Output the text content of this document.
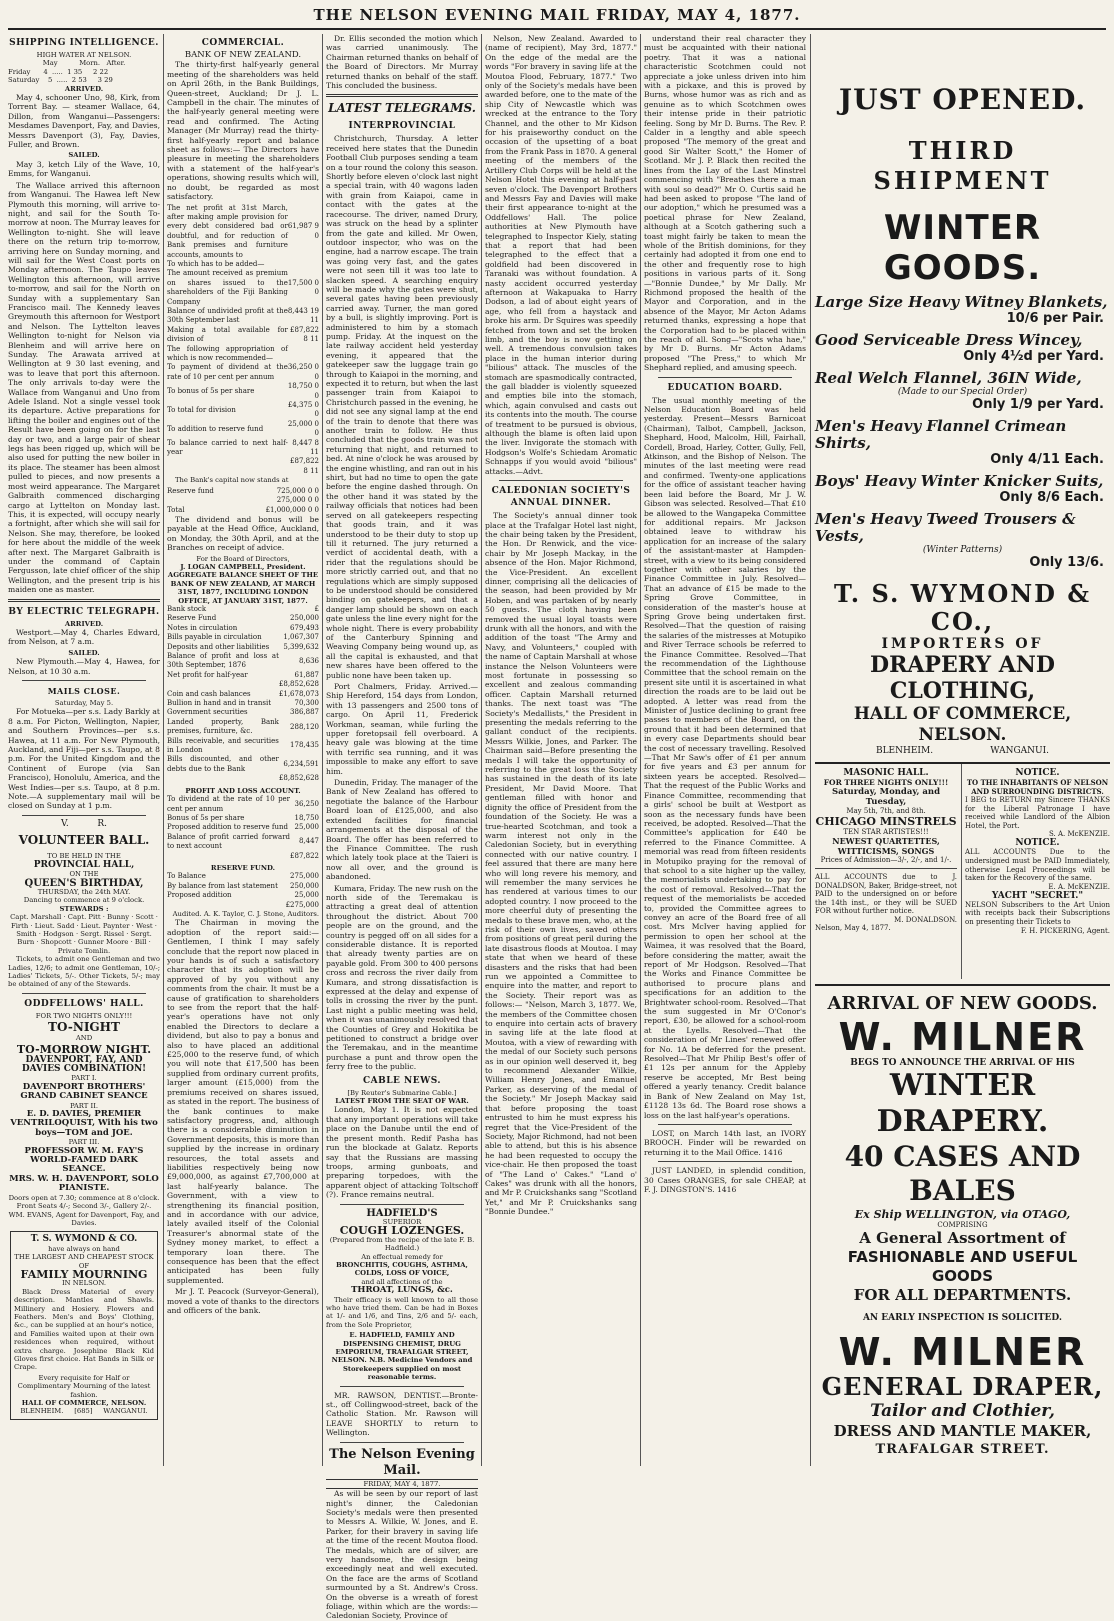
THE NELSON EVENING MAIL FRIDAY, MAY 4, 1877.
SHIPPING INTELLIGENCE.
HIGH WATER AT NELSON.
May          Morn.   After.
Friday      4  .....  1 35     2 22
Saturday    5  .....  2 53     3 29
ARRIVED.
May 4, schooner Uno, 98, Kirk, from Torrent Bay. — steamer Wallace, 64, Dillon, from Wanganui—Passengers: Mesdames Davenport, Fay, and Davies, Messrs Davenport (3), Fay, Davies, Fuller, and Brown.
SAILED.
May 3, ketch Lily of the Wave, 10, Emms, for Wanganui.
The Wallace arrived this afternoon from Wanganui. The Hawea left New Plymouth this morning, will arrive to-night, and sail for the South To-morrow at noon. The Murray leaves for Wellington to-night. She will leave there on the return trip to-morrow, arriving here on Sunday morning, and will sail for the West Coast ports on Monday afternoon. The Taupo leaves Wellington this afternoon, will arrive to-morrow, and sail for the North on Sunday with a supplementary San Francisco mail. The Kennedy leaves Greymouth this afternoon for Westport and Nelson. The Lyttelton leaves Wellington to-night for Nelson via Blenheim and will arrive here on Sunday. The Arawata arrived at Wellington at 9 30 last evening, and was to leave that port this afternoon. The only arrivals to-day were the Wallace from Wanganui and Uno from Adele Island. Not a single vessel took its departure. Active preparations for lifting the boiler and engines out of the Result have been going on for the last day or two, and a large pair of shear legs has been rigged up, which will be also used for putting the new boiler in its place. The steamer has been almost pulled to pieces, and now presents a most weird appearance. The Margaret Galbraith commenced discharging cargo at Lyttelton on Monday last. This, it is expected, will occupy nearly a fortnight, after which she will sail for Nelson. She may, therefore, be looked for here about the middle of the week after next. The Margaret Galbraith is under the command of Captain Fergusson, late chief officer of the ship Wellington, and the present trip is his maiden one as master.
BY ELECTRIC TELEGRAPH.
ARRIVED.
Westport.—May 4, Charles Edward, from Nelson, at 7 a.m.
SAILED.
New Plymouth.—May 4, Hawea, for Nelson, at 10 30 a.m.
MAILS CLOSE.
Saturday, May 5.
For Motueka—per s.s. Lady Barkly at 8 a.m. For Picton, Wellington, Napier, and Southern Provinces—per s.s. Hawea, at 11 a.m. For New Plymouth, Auckland, and Fiji—per s.s. Taupo, at 8 p.m. For the United Kingdom and the Continent of Europe (via San Francisco), Honolulu, America, and the West Indies—per s.s. Taupo, at 8 p.m. Note.—A supplementary mail will be closed on Sunday at 1 p.m.
V.          R.
VOLUNTEER BALL.
TO BE HELD IN THE
PROVINCIAL HALL,
ON THE
QUEEN'S BIRTHDAY,
THURSDAY, the 24th MAY.
Dancing to commence at 9 o'clock.
STEWARDS :
Capt. Marshall · Capt. Pitt · Bunny · Scott · Firth · Lieut. Sadd · Lieut. Paynter · West · Smith · Hodgson · Sergt. Rissel · Sergt. Burn · Shopcott · Gunner Moore · Bill · Private Tomlin.
Tickets, to admit one Gentleman and two Ladies, 12/6; to admit one Gentleman, 10/-; Ladies' Tickets, 5/-. Other Tickets, 5/-; may be obtained of any of the Stewards.
ODDFELLOWS' HALL.
FOR TWO NIGHTS ONLY!!!
TO-NIGHT
AND
TO-MORROW NIGHT.
DAVENPORT, FAY, AND DAVIES COMBINATION!
PART I.
DAVENPORT BROTHERS' GRAND CABINET SEANCE
PART II.
E. D. DAVIES, PREMIER VENTRILOQUIST, With his two boys—TOM and JOE.
PART III.
PROFESSOR W. M. FAY'S WORLD-FAMED DARK SEANCE.
MRS. W. H. DAVENPORT, SOLO PIANISTE.
Doors open at 7.30; commence at 8 o'clock. Front Seats 4/-; Second 3/-, Gallery 2/-.
WM. EVANS, Agent for Davenport, Fay, and Davies.
T. S. WYMOND & CO.
have always on hand
THE LARGEST AND CHEAPEST STOCK OF
FAMILY MOURNING
IN NELSON.
Black Dress Material of every description. Mantles and Shawls. Millinery and Hosiery. Flowers and Feathers. Men's and Boys' Clothing, &c., can be supplied at an hour's notice, and Families waited upon at their own residences when required, without extra charge. Josephine Black Kid Gloves first choice. Hat Bands in Silk or Crape.
Every requisite for Half or Complimentary Mourning of the latest fashion.
HALL OF COMMERCE, NELSON.
BLENHEIM.     [685]     WANGANUI.
COMMERCIAL.
BANK OF NEW ZEALAND.
The thirty-first half-yearly general meeting of the shareholders was held on April 26th, in the Bank Buildings, Queen-street, Auckland; Dr J. L. Campbell in the chair. The minutes of the half-yearly general meeting were read and confirmed. The Acting Manager (Mr Murray) read the thirty-first half-yearly report and balance sheet as follows:— The Directors have pleasure in meeting the shareholders with a statement of the half-year's operations, showing results which will, no doubt, be regarded as most satisfactory.
The net profit at 31st March, after making ample provision for every debt considered bad or doubtful, and for reduction of Bank premises and furniture accounts, amounts to	61,987 9 0
To which has to be added—	
The amount received as premium on shares issued to the shareholders of the Fiji Banking Company	17,500 0 0
Balance of undivided profit at the 30th September last	8,443 19 11
Making a total available for division of	£87,822 8 11
The following appropriation of which is now recommended—	
To payment of dividend at the rate of 10 per cent per annum	36,250 0 0
To bonus of 5s per share	18,750 0 0
To total for division	£4,375 0 0
To addition to reserve fund	25,000 0 0
To balance carried to next half-year	8,447 8 11
	£87,822 8 11
The Bank's capital now stands at
Reserve fund	725,000 0 0
	275,000 0 0
Total	£1,000,000 0 0
The dividend and bonus will be payable at the Head Office, Auckland, on Monday, the 30th April, and at the Branches on receipt of advice.
For the Board of Directors,
J. LOGAN CAMPBELL, President.
AGGREGATE BALANCE SHEET OF THE BANK OF NEW ZEALAND, AT MARCH 31ST, 1877, INCLUDING LONDON OFFICE, AT JANUARY 31ST, 1877.
Bank stock	£
Reserve Fund	250,000
Notes in circulation	679,493
Bills payable in circulation	1,067,307
Deposits and other liabilities	5,399,632
Balance of profit and loss at 30th September, 1876	8,636
Net profit for half-year	61,887
	£8,852,628
Coin and cash balances	£1,678,073
Bullion in hand and in transit	70,300
Government securities	386,887
Landed property, Bank premises, furniture, &c.	288,120
Bills receivable, and securities in London	178,435
Bills discounted, and other debts due to the Bank	6,234,591
	£8,852,628
PROFIT AND LOSS ACCOUNT.
To dividend at the rate of 10 per cent per annum	36,250
Bonus of 5s per share	18,750
Proposed addition to reserve fund	25,000
Balance of profit carried forward to next account	8,447
	£87,822
RESERVE FUND.
To Balance	275,000
By balance from last statement	250,000
Proposed addition	25,000
	£275,000
Audited. A. K. Taylor, C. J. Stone, Auditors.
The Chairman in moving the adoption of the report said:—Gentlemen, I think I may safely conclude that the report now placed in your hands is of such a satisfactory character that its adoption will be approved of by you without any comments from the chair. It must be a cause of gratification to shareholders to see from the report that the half-year's operations have not only enabled the Directors to declare a dividend, but also to pay a bonus and also to have placed an additional £25,000 to the reserve fund, of which you will note that £17,500 has been supplied from ordinary current profits, larger amount (£15,000) from the premiums received on shares issued, as stated in the report. The business of the bank continues to make satisfactory progress, and, although there is a considerable diminution in Government deposits, this is more than supplied by the increase in ordinary resources, the total assets and liabilities respectively being now £9,000,000, as against £7,700,000 at last half-yearly balance. The Government, with a view to strengthening its financial position, and in accordance with our advice, lately availed itself of the Colonial Treasurer's abnormal state of the Sydney money market, to effect a temporary loan there. The consequence has been that the effect anticipated has been fully supplemented.
Mr J. T. Peacock (Surveyor-General), moved a vote of thanks to the directors and officers of the bank.
Dr. Ellis seconded the motion which was carried unanimously. The Chairman returned thanks on behalf of the Board of Directors. Mr Murray returned thanks on behalf of the staff. This concluded the business.
LATEST TELEGRAMS.
INTERPROVINCIAL
Christchurch, Thursday. A letter received here states that the Dunedin Football Club purposes sending a team on a tour round the colony this season. Shortly before eleven o'clock last night a special train, with 40 wagons laden with grain from Kaiapoi, came in contact with the gates at the racecourse. The driver, named Drury, was struck on the head by a splinter from the gate and killed. Mr Owen, outdoor inspector, who was on the engine, had a narrow escape. The train was going very fast, and the gates were not seen till it was too late to slacken speed. A searching enquiry will be made why the gates were shut, several gates having been previously carried away. Turner, the man gored by a bull, is slightly improving. Port is administered to him by a stomach pump. Friday. At the inquest on the late railway accident held yesterday evening, it appeared that the gatekeeper saw the luggage train go through to Kaiapoi in the morning, and expected it to return, but when the last passenger train from Kaiapoi to Christchurch passed in the evening, he did not see any signal lamp at the end of the train to denote that there was another train to follow. He thus concluded that the goods train was not returning that night, and returned to bed. At nine o'clock he was aroused by the engine whistling, and ran out in his shirt, but had no time to open the gate before the engine dashed through. On the other hand it was stated by the railway officials that notices had been served on all gatekeepers respecting that goods train, and it was understood to be their duty to stop up till it returned. The jury returned a verdict of accidental death, with a rider that the regulations should be more strictly carried out, and that no regulations which are simply supposed to be understood should be considered binding on gatekeepers, and that a danger lamp should be shown on each gate unless the line every night for the whole night. There is every probability of the Canterbury Spinning and Weaving Company being wound up, as all the capital is exhausted, and that new shares have been offered to the public none have been taken up.
Port Chalmers, Friday. Arrived.—Ship Hereford, 154 days from London, with 13 passengers and 2500 tons of cargo. On April 11, Frederick Workman, seaman, while furling the upper foretopsail fell overboard. A heavy gale was blowing at the time with terrific sea running, and it was impossible to make any effort to save him.
Dunedin, Friday. The manager of the Bank of New Zealand has offered to negotiate the balance of the Harbour Board loan of £125,000, and also extended facilities for financial arrangements at the disposal of the Board. The offer has been referred to the Finance Committee. The rush which lately took place at the Taieri is now all over, and the ground is abandoned.
Kumara, Friday. The new rush on the north side of the Teremakau is attracting a great deal of attention throughout the district. About 700 people are on the ground, and the country is pegged off on all sides for a considerable distance. It is reported that already twenty parties are on payable gold. From 300 to 400 persons cross and recross the river daily from Kumara, and strong dissatisfaction is expressed at the delay and expense of tolls in crossing the river by the punt. Last night a public meeting was held, when it was unanimously resolved that the Counties of Grey and Hokitika be petitioned to construct a bridge over the Teremakau, and in the meantime purchase a punt and throw open the ferry free to the public.
CABLE NEWS.
[By Reuter's Submarine Cable.]
LATEST FROM THE SEAT OF WAR.
London, May 1. It is not expected that any important operations will take place on the Danube until the end of the present month. Redif Pasha has run the blockade at Galatz. Reports say that the Russians are massing troops, arming gunboats, and preparing torpedoes, with the apparent object of attacking Toltschoff (?). France remains neutral.
HADFIELD'S
SUPERIOR
COUGH LOZENGES.
(Prepared from the recipe of the late F. B. Hadfield.)
An effectual remedy for
BRONCHITIS, COUGHS, ASTHMA, COLDS, LOSS OF VOICE,
and all affections of the
THROAT, LUNGS, &c.
Their efficacy is well known to all those who have tried them. Can be had in Boxes at 1/- and 1/6, and Tins, 2/6 and 5/- each, from the Sole Proprietor,
E. HADFIELD, FAMILY AND DISPENSING CHEMIST, DRUG EMPORIUM, TRAFALGAR STREET, NELSON. N.B. Medicine Vendors and Storekeepers supplied on most reasonable terms.
MR. RAWSON, DENTIST.—Bronte-st., off Collingwood-street, back of the Catholic Station. Mr. Rawson will LEAVE SHORTLY to return to Wellington.
The Nelson Evening Mail.
FRIDAY, MAY 4, 1877.
As will be seen by our report of last night's dinner, the Caledonian Society's medals were then presented to Messrs A. Wilkie, W. Jones, and E. Parker, for their bravery in saving life at the time of the recent Moutoa flood. The medals, which are of silver, are very handsome, the design being exceedingly neat and well executed. On the face are the arms of Scotland surmounted by a St. Andrew's Cross. On the obverse is a wreath of forest foliage, within which are the words:—Caledonian Society, Province of
Nelson, New Zealand. Awarded to (name of recipient), May 3rd, 1877." On the edge of the medal are the words "For bravery in saving life at the Moutoa Flood, February, 1877." Two only of the Society's medals have been awarded before, one to the mate of the ship City of Newcastle which was wrecked at the entrance to the Tory Channel, and the other to Mr Kidson for his praiseworthy conduct on the occasion of the upsetting of a boat from the Frank Pass in 1870. A general meeting of the members of the Artillery Club Corps will be held at the Nelson Hotel this evening at half-past seven o'clock. The Davenport Brothers and Messrs Fay and Davies will make their first appearance to-night at the Oddfellows' Hall. The police authorities at New Plymouth have telegraphed to Inspector Kiely, stating that a report that had been telegraphed to the effect that a goldfield had been discovered in Taranaki was without foundation. A nasty accident occurred yesterday afternoon at Wakapuaka to Harry Dodson, a lad of about eight years of age, who fell from a haystack and broke his arm. Dr Squires was speedily fetched from town and set the broken limb, and the boy is now getting on well. A tremendous convulsion takes place in the human interior during "bilious" attack. The muscles of the stomach are spasmodically contracted, the gall bladder is violently squeezed and empties bile into the stomach, which, again convulsed and casts out its contents into the mouth. The course of treatment to be pursued is obvious, although the blame is often laid upon the liver. Invigorate the stomach with Hodgson's Wolfe's Schiedam Aromatic Schnapps if you would avoid "bilious" attacks.—Advt.
CALEDONIAN SOCIETY'S ANNUAL DINNER.
The Society's annual dinner took place at the Trafalgar Hotel last night, the chair being taken by the President, the Hon. Dr Renwick, and the vice-chair by Mr Joseph Mackay, in the absence of the Hon. Major Richmond, the Vice-President. An excellent dinner, comprising all the delicacies of the season, had been provided by Mr Hoben, and was partaken of by nearly 50 guests. The cloth having been removed the usual loyal toasts were drunk with all the honors, and with the addition of the toast "The Army and Navy, and Volunteers," coupled with the name of Captain Marshall at whose instance the Nelson Volunteers were most fortunate in possessing so excellent and zealous commanding officer. Captain Marshall returned thanks. The next toast was "The Society's Medallists," the President in presenting the medals referring to the gallant conduct of the recipients. Messrs Wilkie, Jones, and Parker. The Chairman said—Before presenting the medals I will take the opportunity of referring to the great loss the Society has sustained in the death of its late President, Mr David Moore. That gentleman filled with honor and dignity the office of President from the foundation of the Society. He was a true-hearted Scotchman, and took a warm interest not only in the Caledonian Society, but in everything connected with our native country. I feel assured that there are many here who will long revere his memory, and will remember the many services he has rendered at various times to our adopted country. I now proceed to the more cheerful duty of presenting the medals to these brave men, who, at the risk of their own lives, saved others from positions of great peril during the late disastrous floods at Moutoa. I may state that when we heard of these disasters and the risks that had been run we appointed a Committee to enquire into the matter, and report to the Society. Their report was as follows:— "Nelson, March 3, 1877. We, the members of the Committee chosen to enquire into certain acts of bravery in saving life at the late flood at Moutoa, with a view of rewarding with the medal of our Society such persons as in our opinion well deserved it, beg to recommend Alexander Wilkie, William Henry Jones, and Emanuel Parker, as deserving of the medal of the Society." Mr Joseph Mackay said that before proposing the toast entrusted to him he must express his regret that the Vice-President of the Society, Major Richmond, had not been able to attend, but this is his absence he had been requested to occupy the vice-chair. He then proposed the toast of "The Land o' Cakes." "Land o' Cakes" was drunk with all the honors, and Mr P. Cruickshanks sang "Scotland Yet," and Mr P. Cruickshanks sang "Bonnie Dundee."
understand their real character they must be acquainted with their national poetry. That it was a national characteristic Scotchmen could not appreciate a joke unless driven into him with a pickaxe, and this is proved by Burns, whose humor was as rich and as genuine as to which Scotchmen owes their intense pride in their patriotic feeling. Song by Mr D. Burns. The Rev. P. Calder in a lengthy and able speech proposed "The memory of the great and good Sir Walter Scott," the Homer of Scotland. Mr J. P. Black then recited the lines from the Lay of the Last Minstrel commencing with "Breathes there a man with soul so dead?" Mr O. Curtis said he had been asked to propose "The land of our adoption," which he presumed was a poetical phrase for New Zealand, although at a Scotch gathering such a toast might fairly be taken to mean the whole of the British dominions, for they certainly had adopted it from one end to the other and frequently rose to high positions in various parts of it. Song—"Bonnie Dundee," by Mr Dally. Mr Richmond proposed the health of the Mayor and Corporation, and in the absence of the Mayor, Mr Acton Adams returned thanks, expressing a hope that the Corporation had to be placed within the reach of all. Song—"Scots wha hae," by Mr D. Burns. Mr Acton Adams proposed "The Press," to which Mr Shephard replied, and amusing speech.
EDUCATION BOARD.
The usual monthly meeting of the Nelson Education Board was held yesterday. Present—Messrs Barnicoat (Chairman), Talbot, Campbell, Jackson, Shephard, Hood, Malcolm, Hill, Fairhall, Cordell, Broad, Harley, Cotter, Gully, Fell, Atkinson, and the Bishop of Nelson. The minutes of the last meeting were read and confirmed. Twenty-one applications for the office of assistant teacher having been laid before the Board, Mr J. W. Gibson was selected. Resolved—That £10 be allowed to the Wangapeka Committee for additional repairs. Mr Jackson obtained leave to withdraw his application for an increase of the salary of the assistant-master at Hampden-street, with a view to its being considered together with other salaries by the Finance Committee in July. Resolved—That an advance of £15 be made to the Spring Grove Committee, in consideration of the master's house at Spring Grove being undertaken first. Resolved—That the question of raising the salaries of the mistresses at Motupiko and River Terrace schools be referred to the Finance Committee. Resolved—That the recommendation of the Lighthouse Committee that the school remain on the present site until it is ascertained in what direction the roads are to be laid out be adopted. A letter was read from the Minister of Justice declining to grant free passes to members of the Board, on the ground that it had been determined that in every case Departments should bear the cost of necessary travelling. Resolved—That Mr Saw's offer of £1 per annum for five years and £3 per annum for sixteen years be accepted. Resolved—That the request of the Public Works and Finance Committee, recommending that a girls' school be built at Westport as soon as the necessary funds have been received, be adopted. Resolved—That the Committee's application for £40 be referred to the Finance Committee. A memorial was read from fifteen residents in Motupiko praying for the removal of that school to a site higher up the valley, the memorialists undertaking to pay for the cost of removal. Resolved—That the request of the memorialists be acceded to, provided the Committee agrees to convey an acre of the Board free of all cost. Mrs McIver having applied for permission to open her school at the Waimea, it was resolved that the Board, before considering the matter, await the report of Mr Hodgson. Resolved—That the Works and Finance Committee be authorised to procure plans and specifications for an addition to the Brightwater school-room. Resolved—That the sum suggested in Mr O'Conor's report, £30, be allowed for a school-room at the Lyells. Resolved—That the consideration of Mr Lines' renewed offer for No. 1A be deferred for the present. Resolved—That Mr Philip Best's offer of £1 12s per annum for the Appleby reserve be accepted, Mr Best being offered a yearly tenancy. Credit balance in Bank of New Zealand on May 1st, £1128 13s 6d. The Board rose shows a loss on the last half-year's operations.
LOST, on March 14th last, an IVORY BROOCH. Finder will be rewarded on returning it to the Mail Office. 1416
JUST LANDED, in splendid condition, 30 Cases ORANGES, for sale CHEAP, at F. J. DINGSTON'S. 1416
JUST OPENED.
THIRD SHIPMENT
WINTER GOODS.
Large Size Heavy Witney Blankets,
10/6 per Pair.
Good Serviceable Dress Wincey,
Only 4½d per Yard.
Real Welch Flannel, 36IN Wide,
(Made to our Special Order)
Only 1/9 per Yard.
Men's Heavy Flannel Crimean Shirts,
Only 4/11 Each.
Boys' Heavy Winter Knicker Suits,
Only 8/6 Each.
Men's Heavy Tweed Trousers & Vests,
(Winter Patterns)
Only 13/6.
T. S. WYMOND & CO.,
IMPORTERS OF
DRAPERY AND CLOTHING,
HALL OF COMMERCE,
NELSON.
BLENHEIM.                    WANGANUI.
MASONIC HALL.
FOR THREE NIGHTS ONLY!!!
Saturday, Monday, and Tuesday,
May 5th, 7th, and 8th.
CHICAGO MINSTRELS
TEN STAR ARTISTES!!!
NEWEST QUARTETTES, WITTICISMS, SONGS
Prices of Admission—3/-, 2/-, and 1/-.
ALL ACCOUNTS due to J. DONALDSON, Baker, Bridge-street, not PAID to the undersigned on or before the 14th inst., or they will be SUED FOR without further notice.
M. DONALDSON.
Nelson, May 4, 1877.
NOTICE.
TO THE INHABITANTS OF NELSON AND SURROUNDING DISTRICTS.
I BEG to RETURN my Sincere THANKS for the Liberal Patronage I have received while Landlord of the Albion Hotel, the Port.
S. A. McKENZIE.
NOTICE.
ALL ACCOUNTS Due to the undersigned must be PAID Immediately, otherwise Legal Proceedings will be taken for the Recovery of the same.
E. A. McKENZIE.
YACHT "SECRET."
NELSON Subscribers to the Art Union with receipts back their Subscriptions on presenting their Tickets to
F. H. PICKERING, Agent.
ARRIVAL OF NEW GOODS.
W. MILNER
BEGS TO ANNOUNCE THE ARRIVAL OF HIS
WINTER DRAPERY.
40 CASES AND BALES
Ex Ship WELLINGTON, via OTAGO,
COMPRISING
A General Assortment of
FASHIONABLE AND USEFUL GOODS
FOR ALL DEPARTMENTS.
AN EARLY INSPECTION IS SOLICITED.
W. MILNER
GENERAL DRAPER,
Tailor and Clothier,
DRESS AND MANTLE MAKER,
TRAFALGAR STREET.
